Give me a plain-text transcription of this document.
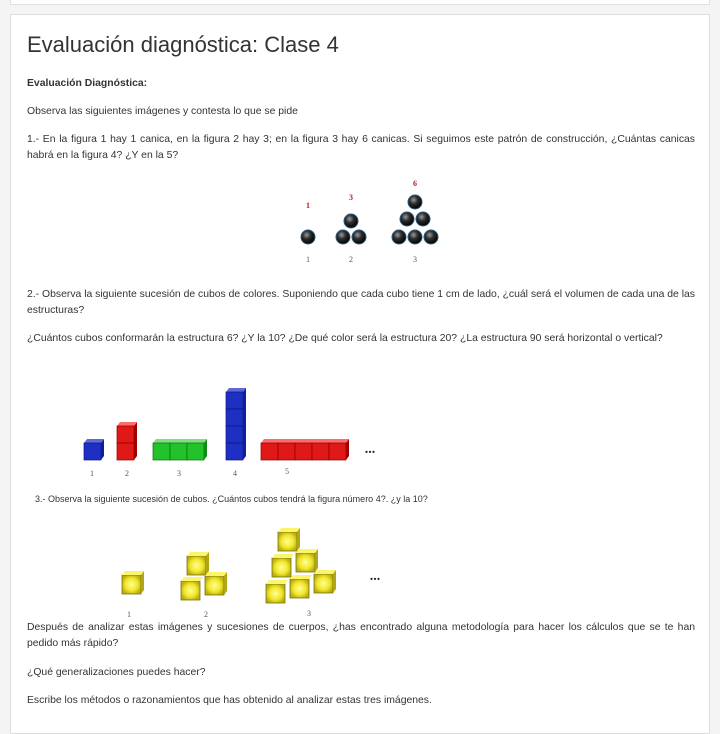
Evaluación diagnóstica: Clase 4
Evaluación Diagnóstica:
Observa las siguientes imágenes y contesta lo que se pide
1.- En la figura 1 hay 1 canica, en la figura 2 hay 3; en la figura 3 hay 6 canicas. Si seguimos este patrón de construcción, ¿Cuántas canicas habrá en la figura 4? ¿Y en la 5?
1
3
6
1	2	3
2.- Observa la siguiente sucesión de cubos de colores. Suponiendo que cada cubo tiene 1 cm de lado, ¿cuál será el volumen de cada una de las estructuras?
¿Cuántos cubos conformarán la estructura 6? ¿Y la 10? ¿De qué color será la estructura 20? ¿La estructura 90 será horizontal o vertical?
1	2	3	4	5
...
3.- Observa la siguiente sucesión de cubos. ¿Cuántos cubos tendrá la figura número 4?. ¿y la 10?
1	2	3
...
Después de analizar estas imágenes y sucesiones de cuerpos, ¿has encontrado alguna metodología para hacer los cálculos que se te han pedido más rápido?
¿Qué generalizaciones puedes hacer?
Escribe los métodos o razonamientos que has obtenido al analizar estas tres imágenes.
